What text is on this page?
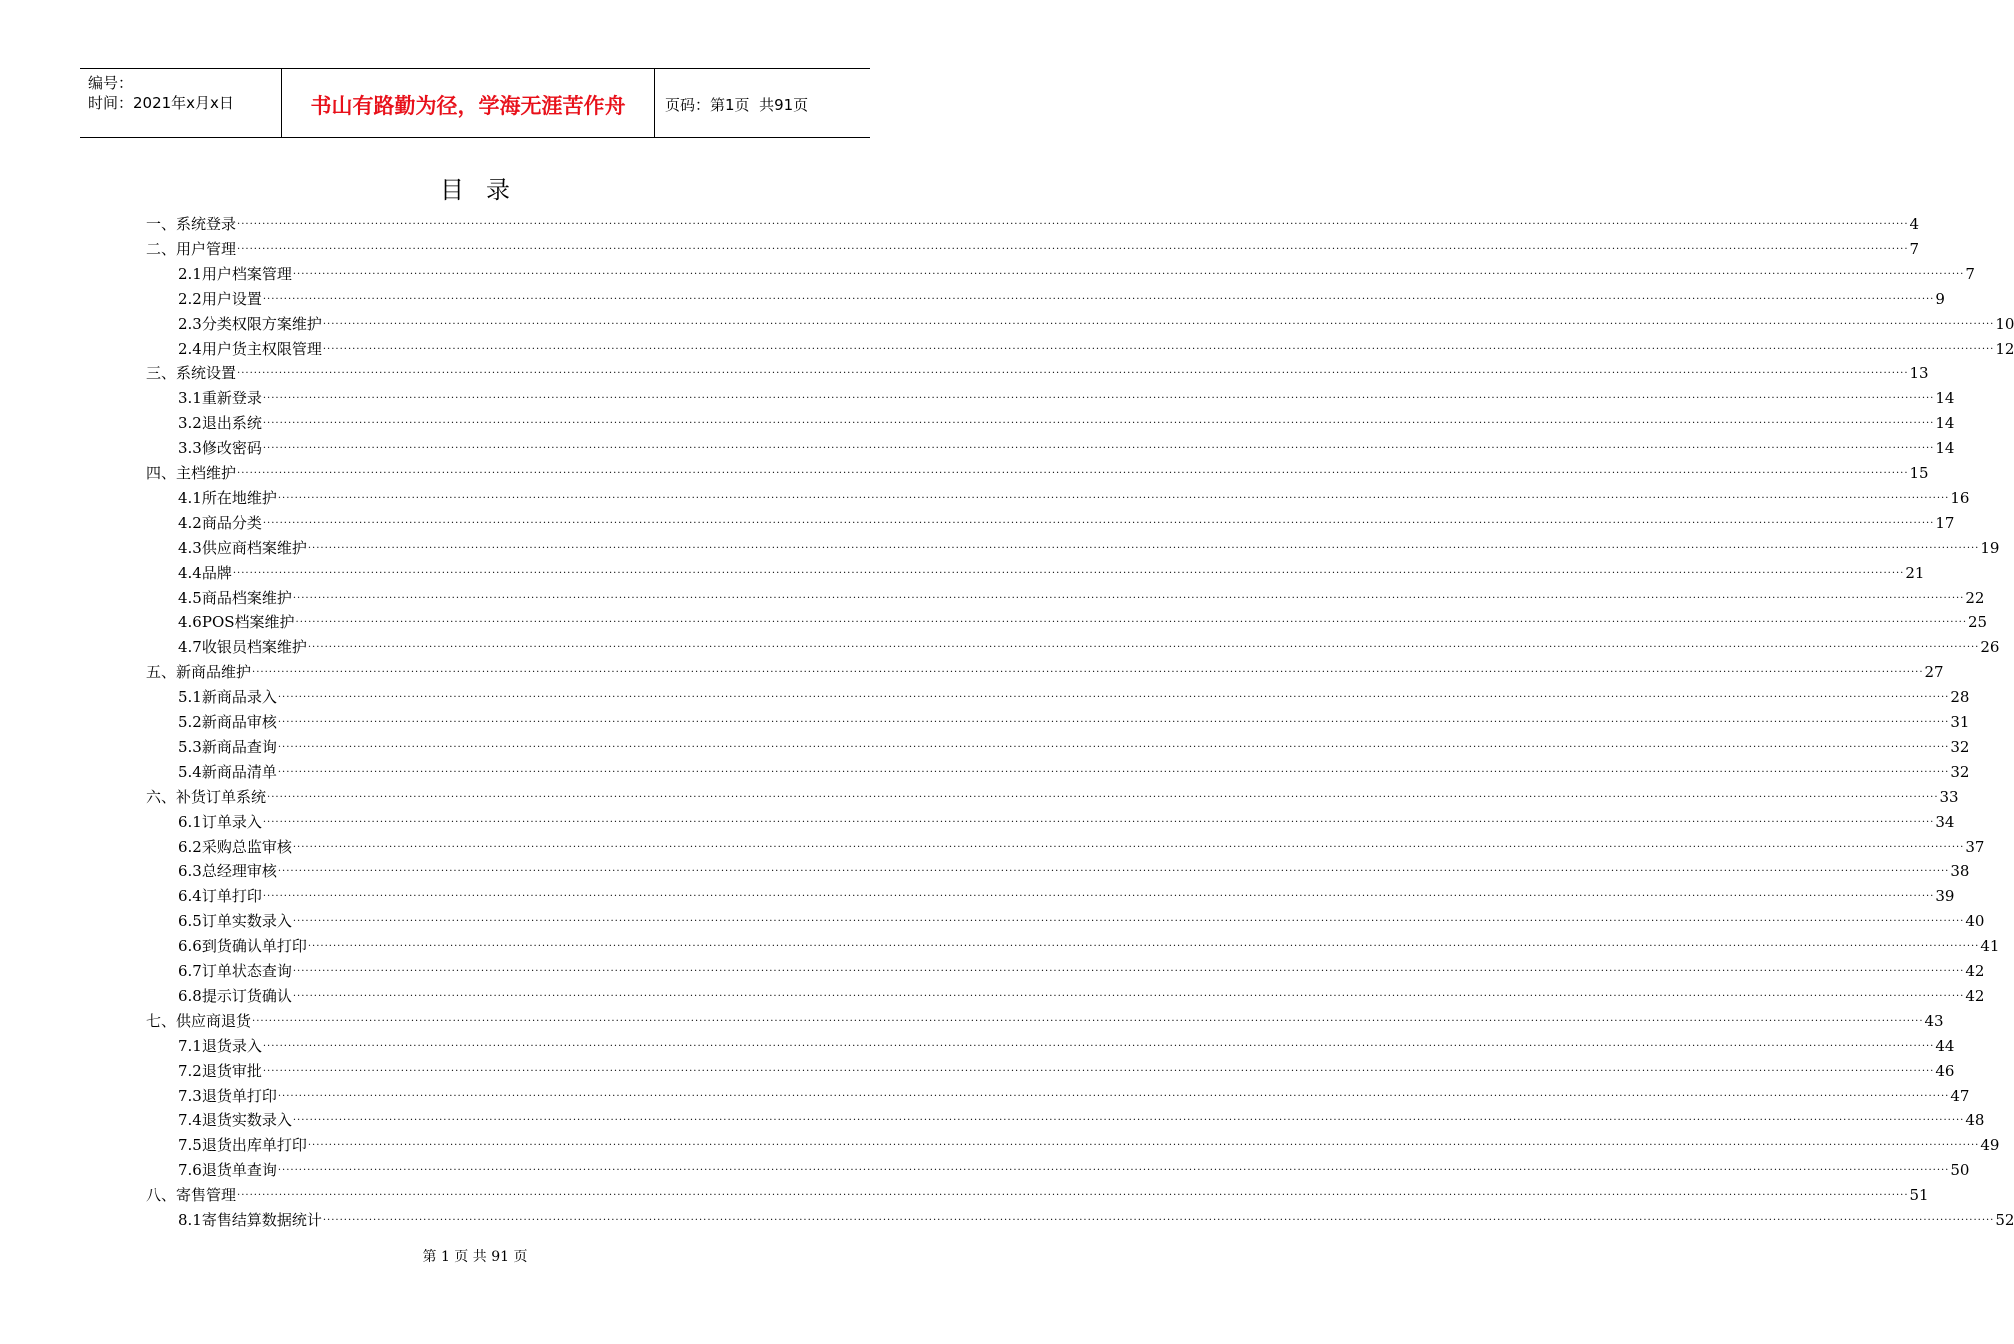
编号：
时间：2021年x月x日	书山有路勤为径，学海无涯苦作舟	页码：第1页  共91页
目录
一、 系统登录 ................................................................................................................................................................................................................................................................................................................................................................................................................ 4
二、 用户管理 ................................................................................................................................................................................................................................................................................................................................................................................................................ 7
2.1 用户档案管理 ................................................................................................................................................................................................................................................................................................................................................................................................................ 7
2.2 用户设置 ................................................................................................................................................................................................................................................................................................................................................................................................................ 9
2.3 分类权限方案维护 ................................................................................................................................................................................................................................................................................................................................................................................................................ 10
2.4 用户货主权限管理 ................................................................................................................................................................................................................................................................................................................................................................................................................ 12
三、 系统设置 ................................................................................................................................................................................................................................................................................................................................................................................................................ 13
3.1 重新登录 ................................................................................................................................................................................................................................................................................................................................................................................................................ 14
3.2 退出系统 ................................................................................................................................................................................................................................................................................................................................................................................................................ 14
3.3 修改密码 ................................................................................................................................................................................................................................................................................................................................................................................................................ 14
四、 主档维护 ................................................................................................................................................................................................................................................................................................................................................................................................................ 15
4.1 所在地维护 ................................................................................................................................................................................................................................................................................................................................................................................................................ 16
4.2 商品分类 ................................................................................................................................................................................................................................................................................................................................................................................................................ 17
4.3 供应商档案维护 ................................................................................................................................................................................................................................................................................................................................................................................................................ 19
4.4 品牌 ................................................................................................................................................................................................................................................................................................................................................................................................................ 21
4.5 商品档案维护 ................................................................................................................................................................................................................................................................................................................................................................................................................ 22
4.6 POS档案维护 ................................................................................................................................................................................................................................................................................................................................................................................................................ 25
4.7 收银员档案维护 ................................................................................................................................................................................................................................................................................................................................................................................................................ 26
五、 新商品维护 ................................................................................................................................................................................................................................................................................................................................................................................................................ 27
5.1 新商品录入 ................................................................................................................................................................................................................................................................................................................................................................................................................ 28
5.2 新商品审核 ................................................................................................................................................................................................................................................................................................................................................................................................................ 31
5.3 新商品查询 ................................................................................................................................................................................................................................................................................................................................................................................................................ 32
5.4 新商品清单 ................................................................................................................................................................................................................................................................................................................................................................................................................ 32
六、 补货订单系统 ................................................................................................................................................................................................................................................................................................................................................................................................................ 33
6.1 订单录入 ................................................................................................................................................................................................................................................................................................................................................................................................................ 34
6.2 采购总监审核 ................................................................................................................................................................................................................................................................................................................................................................................................................ 37
6.3 总经理审核 ................................................................................................................................................................................................................................................................................................................................................................................................................ 38
6.4 订单打印 ................................................................................................................................................................................................................................................................................................................................................................................................................ 39
6.5 订单实数录入 ................................................................................................................................................................................................................................................................................................................................................................................................................ 40
6.6 到货确认单打印 ................................................................................................................................................................................................................................................................................................................................................................................................................ 41
6.7 订单状态查询 ................................................................................................................................................................................................................................................................................................................................................................................................................ 42
6.8 提示订货确认 ................................................................................................................................................................................................................................................................................................................................................................................................................ 42
七、 供应商退货 ................................................................................................................................................................................................................................................................................................................................................................................................................ 43
7.1 退货录入 ................................................................................................................................................................................................................................................................................................................................................................................................................ 44
7.2 退货审批 ................................................................................................................................................................................................................................................................................................................................................................................................................ 46
7.3 退货单打印 ................................................................................................................................................................................................................................................................................................................................................................................................................ 47
7.4 退货实数录入 ................................................................................................................................................................................................................................................................................................................................................................................................................ 48
7.5 退货出库单打印 ................................................................................................................................................................................................................................................................................................................................................................................................................ 49
7.6 退货单查询 ................................................................................................................................................................................................................................................................................................................................................................................................................ 50
八、 寄售管理 ................................................................................................................................................................................................................................................................................................................................................................................................................ 51
8.1 寄售结算数据统计 ................................................................................................................................................................................................................................................................................................................................................................................................................ 52
第 1 页 共 91 页
